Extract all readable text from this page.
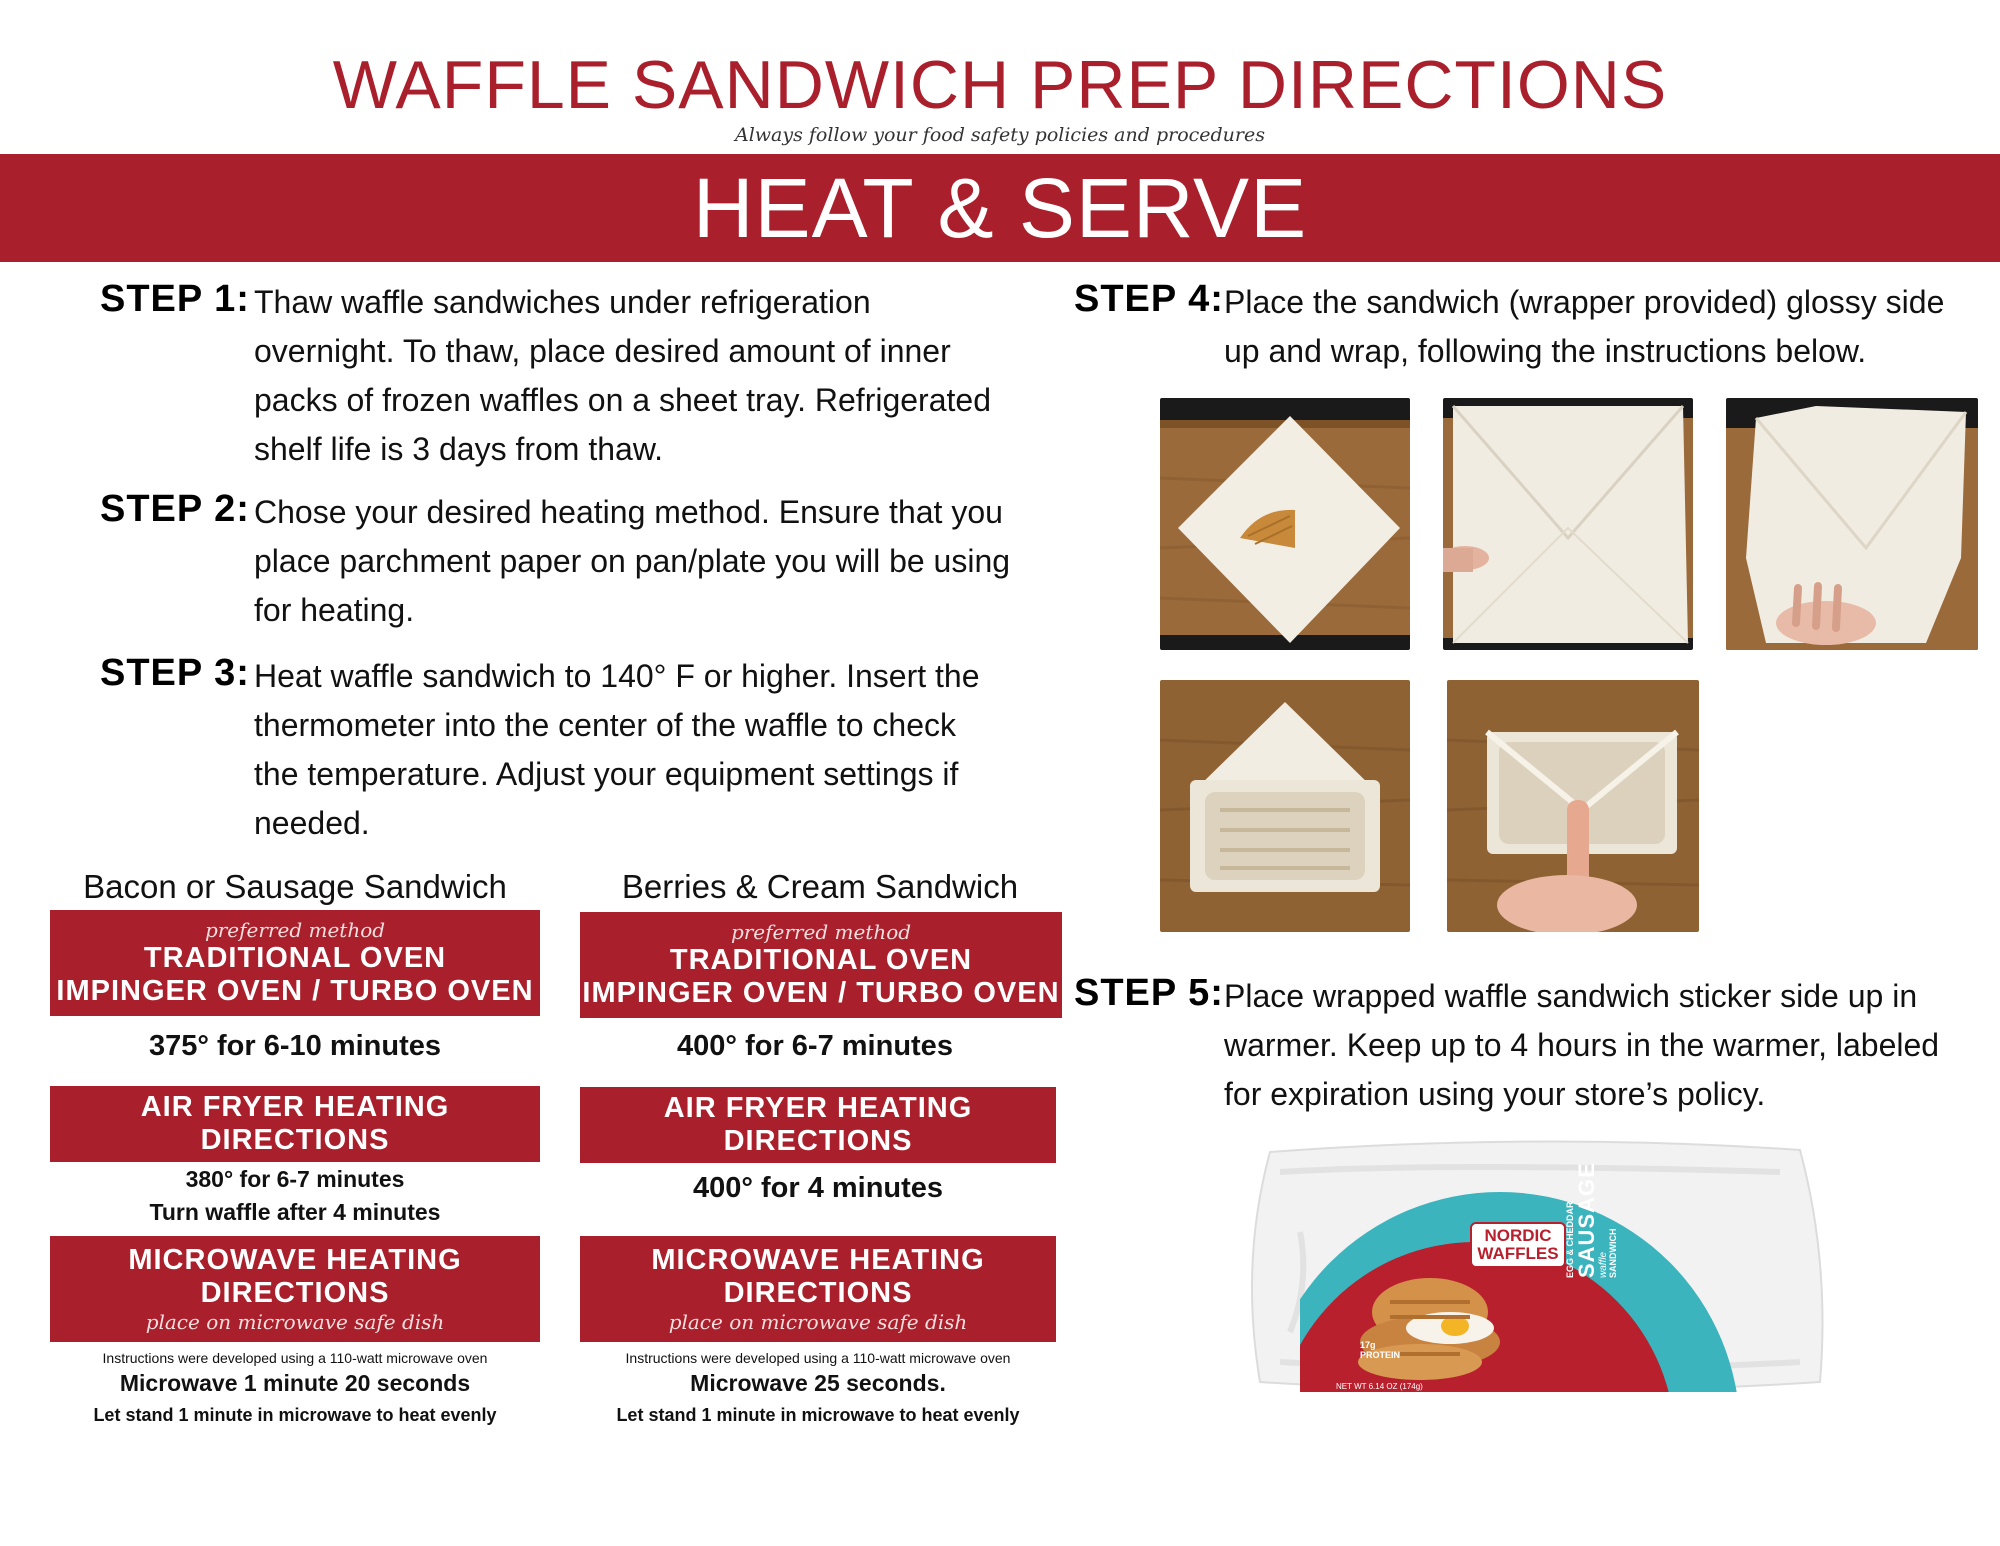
WAFFLE SANDWICH PREP DIRECTIONS
Always follow your food safety policies and procedures
HEAT & SERVE
STEP 1: Thaw waffle sandwiches under refrigeration overnight. To thaw, place desired amount of inner packs of frozen waffles on a sheet tray. Refrigerated shelf life is 3 days from thaw.
STEP 2: Chose your desired heating method. Ensure that you place parchment paper on pan/plate you will be using for heating.
STEP 3: Heat waffle sandwich to 140° F or higher. Insert the thermometer into the center of the waffle to check the temperature. Adjust your equipment settings if needed.
STEP 4: Place the sandwich (wrapper provided) glossy side up and wrap, following the instructions below.
STEP 5: Place wrapped waffle sandwich sticker side up in warmer. Keep up to 4 hours in the warmer, labeled for expiration using your store’s policy.
NORDIC
WAFFLES
17g
PROTEIN
NET WT 6.14 OZ (174g)
EGG & CHEDDAR SAUSAGE
waffle SANDWICH
Bacon or Sausage Sandwich
preferred method
TRADITIONAL OVEN
IMPINGER OVEN / TURBO OVEN
375° for 6-10 minutes
AIR FRYER HEATING
DIRECTIONS
380° for 6-7 minutes
Turn waffle after 4 minutes
MICROWAVE HEATING
DIRECTIONS
place on microwave safe dish
Instructions were developed using a 110-watt microwave oven
Microwave 1 minute 20 seconds
Let stand 1 minute in microwave to heat evenly
Berries & Cream Sandwich
preferred method
TRADITIONAL OVEN
IMPINGER OVEN / TURBO OVEN
400° for 6-7 minutes
AIR FRYER HEATING
DIRECTIONS
400° for 4 minutes
MICROWAVE HEATING
DIRECTIONS
place on microwave safe dish
Instructions were developed using a 110-watt microwave oven
Microwave 25 seconds.
Let stand 1 minute in microwave to heat evenly
